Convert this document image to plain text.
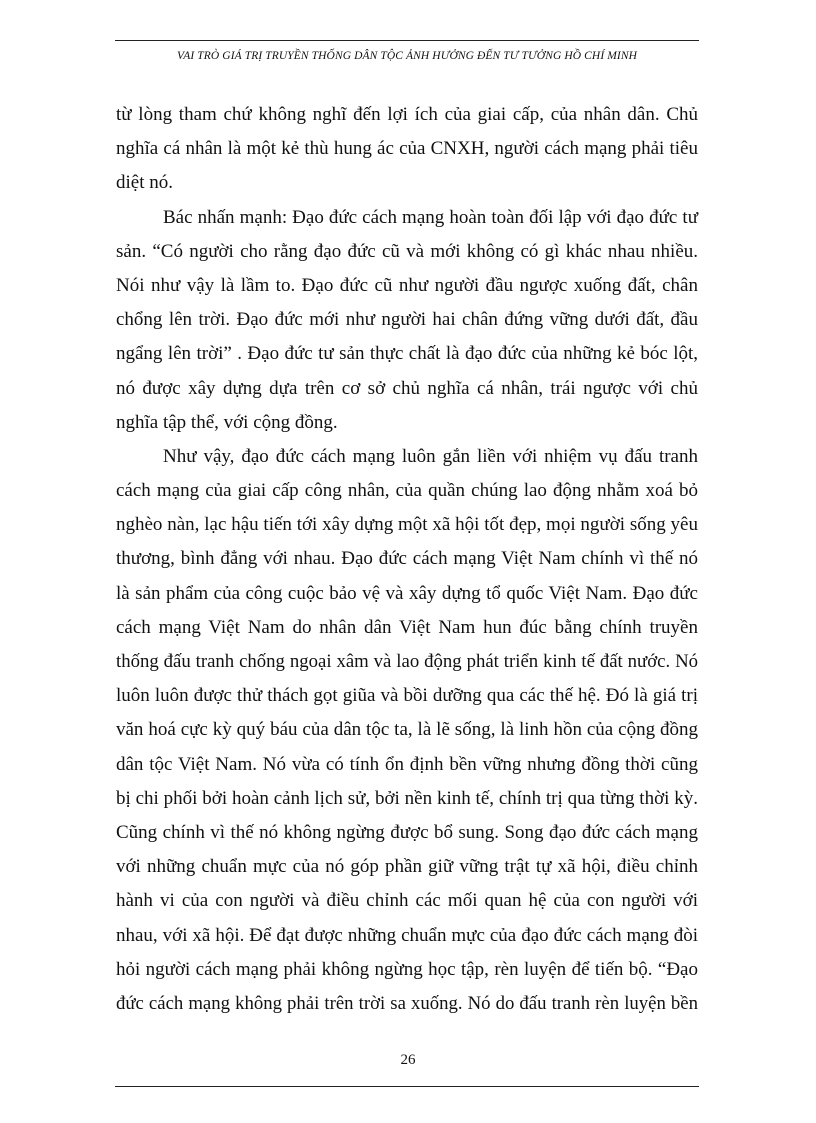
VAI TRÒ GIÁ TRỊ TRUYỀN THỐNG DÂN TỘC ẢNH HƯỞNG ĐẾN TƯ TƯỞNG HỒ CHÍ MINH
từ lòng tham chứ không nghĩ đến lợi ích của giai cấp, của nhân dân. Chủ
nghĩa cá nhân là một kẻ thù hung ác của CNXH, người cách mạng phải tiêu
diệt nó.
Bác nhấn mạnh: Đạo đức cách mạng hoàn toàn đối lập với đạo đức tư
sản. “Có người cho rằng đạo đức cũ và mới không có gì khác nhau nhiều.
Nói như vậy là lầm to. Đạo đức cũ như người đầu ngược xuống đất, chân
chổng lên trời. Đạo đức mới như người hai chân đứng vững dưới đất, đầu
ngẩng lên trời” . Đạo đức tư sản thực chất là đạo đức của những kẻ bóc lột,
nó được xây dựng dựa trên cơ sở chủ nghĩa cá nhân, trái ngược với chủ
nghĩa tập thể, với cộng đồng.
Như vậy, đạo đức cách mạng luôn gắn liền với nhiệm vụ đấu tranh
cách mạng của giai cấp công nhân, của quần chúng lao động nhằm xoá bỏ
nghèo nàn, lạc hậu tiến tới xây dựng một xã hội tốt đẹp, mọi người sống yêu
thương, bình đẳng với nhau. Đạo đức cách mạng Việt Nam chính vì thế nó
là sản phẩm của công cuộc bảo vệ và xây dựng tổ quốc Việt Nam. Đạo đức
cách mạng Việt Nam do nhân dân Việt Nam hun đúc bằng chính truyền
thống đấu tranh chống ngoại xâm và lao động phát triển kinh tế đất nước. Nó
luôn luôn được thử thách gọt giũa và bồi dưỡng qua các thế hệ. Đó là giá trị
văn hoá cực kỳ quý báu của dân tộc ta, là lẽ sống, là linh hồn của cộng đồng
dân tộc Việt Nam. Nó vừa có tính ổn định bền vững nhưng đồng thời cũng
bị chi phối bởi hoàn cảnh lịch sử, bởi nền kinh tế, chính trị qua từng thời kỳ.
Cũng chính vì thế nó không ngừng được bổ sung. Song đạo đức cách mạng
với những chuẩn mực của nó góp phần giữ vững trật tự xã hội, điều chỉnh
hành vi của con người và điều chỉnh các mối quan hệ của con người với
nhau, với xã hội. Để đạt được những chuẩn mực của đạo đức cách mạng đòi
hỏi người cách mạng phải không ngừng học tập, rèn luyện để tiến bộ. “Đạo
đức cách mạng không phải trên trời sa xuống. Nó do đấu tranh rèn luyện bền
26
